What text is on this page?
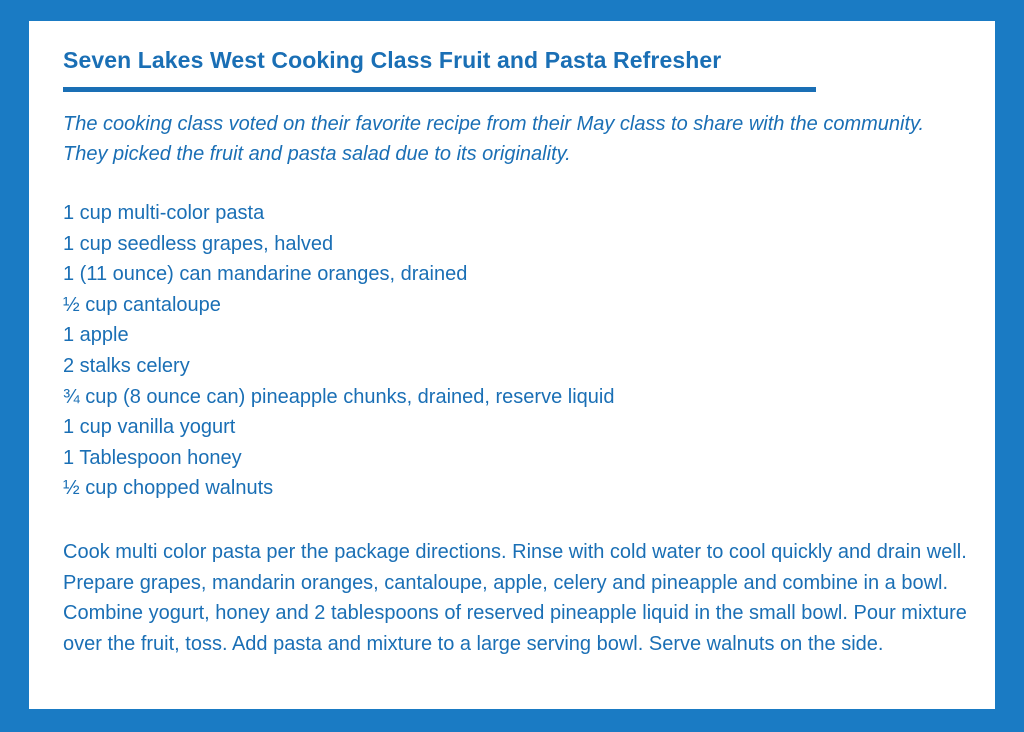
Seven Lakes West Cooking Class Fruit and Pasta Refresher

The cooking class voted on their favorite recipe from their May class to share with the community. They picked the fruit and pasta salad due to its originality.

1 cup multi-color pasta
1 cup seedless grapes, halved
1 (11 ounce) can mandarine oranges, drained
½ cup cantaloupe
1 apple
2 stalks celery
¾ cup (8 ounce can) pineapple chunks, drained, reserve liquid
1 cup vanilla yogurt
1 Tablespoon honey
½ cup chopped walnuts

Cook multi color pasta per the package directions. Rinse with cold water to cool quickly and drain well. Prepare grapes, mandarin oranges, cantaloupe, apple, celery and pineapple and combine in a bowl. Combine yogurt, honey and 2 tablespoons of reserved pineapple liquid in the small bowl. Pour mixture over the fruit, toss. Add pasta and mixture to a large serving bowl. Serve walnuts on the side.
